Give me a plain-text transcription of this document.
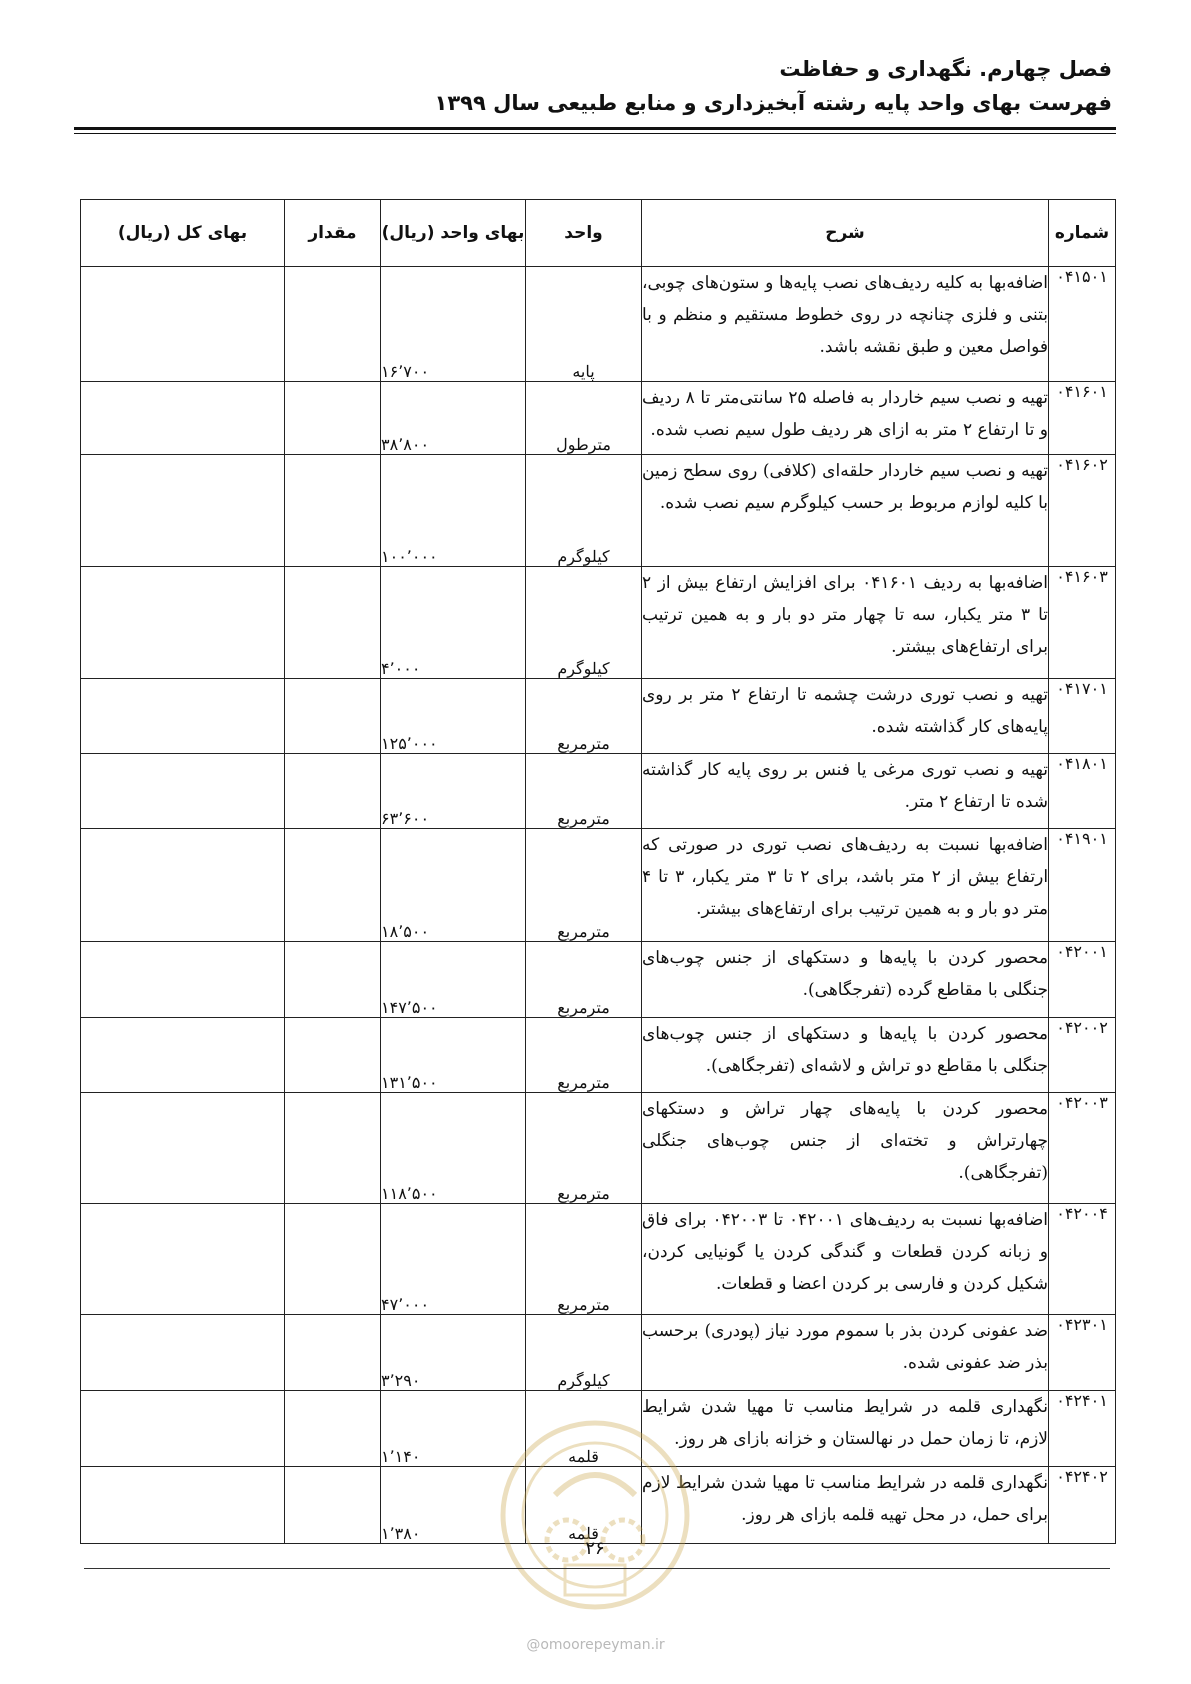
فصل چهارم. نگهداری و حفاظت
فهرست بهای واحد پایه رشته آبخیزداری و منابع طبیعی سال ۱۳۹۹
شماره	شرح	واحد	بهای واحد (ریال)	مقدار	بهای کل (ریال)
۰۴۱۵۰۱	اضافه‌بها به کلیه ردیف‌های نصب پایه‌ها و ستون‌های چوبی، بتنی و فلزی چنانچه در روی خطوط مستقیم و منظم و با فواصل معین و طبق نقشه باشد.	پایه	۱۶٬۷۰۰		
۰۴۱۶۰۱	تهیه و نصب سیم خاردار به فاصله ۲۵ سانتی‌متر تا ۸ ردیف و تا ارتفاع ۲ متر به ازای هر ردیف طول سیم نصب شده.	مترطول	۳۸٬۸۰۰		
۰۴۱۶۰۲	تهیه و نصب سیم خاردار حلقه‌ای (کلافی) روی سطح زمین با کلیه لوازم مربوط بر حسب کیلوگرم سیم نصب شده.	کیلوگرم	۱۰۰٬۰۰۰		
۰۴۱۶۰۳	اضافه‌بها به ردیف ۰۴۱۶۰۱ برای افزایش ارتفاع بیش از ۲ تا ۳ متر یکبار، سه تا چهار متر دو بار و به همین ترتیب برای ارتفاع‌های بیشتر.	کیلوگرم	۴٬۰۰۰		
۰۴۱۷۰۱	تهیه و نصب توری درشت چشمه تا ارتفاع ۲ متر بر روی پایه‌های کار گذاشته شده.	مترمربع	۱۲۵٬۰۰۰		
۰۴۱۸۰۱	تهیه و نصب توری مرغی یا فنس بر روی پایه کار گذاشته شده تا ارتفاع ۲ متر.	مترمربع	۶۳٬۶۰۰		
۰۴۱۹۰۱	اضافه‌بها نسبت به ردیف‌های نصب توری در صورتی که ارتفاع بیش از ۲ متر باشد، برای ۲ تا ۳ متر یکبار، ۳ تا ۴ متر دو بار و به همین ترتیب برای ارتفاع‌های بیشتر.	مترمربع	۱۸٬۵۰۰		
۰۴۲۰۰۱	محصور کردن با پایه‌ها و دستکهای از جنس چوب‌های جنگلی با مقاطع گرده (تفرجگاهی).	مترمربع	۱۴۷٬۵۰۰		
۰۴۲۰۰۲	محصور کردن با پایه‌ها و دستکهای از جنس چوب‌های جنگلی با مقاطع دو تراش و لاشه‌ای (تفرجگاهی).	مترمربع	۱۳۱٬۵۰۰		
۰۴۲۰۰۳	محصور کردن با پایه‌های چهار تراش و دستکهای چهارتراش و تخته‌ای از جنس چوب‌های جنگلی (تفرجگاهی).	مترمربع	۱۱۸٬۵۰۰		
۰۴۲۰۰۴	اضافه‌بها نسبت به ردیف‌های ۰۴۲۰۰۱ تا ۰۴۲۰۰۳ برای فاق و زبانه کردن قطعات و گندگی کردن یا گونیایی کردن، شکیل کردن و فارسی بر کردن اعضا و قطعات.	مترمربع	۴۷٬۰۰۰		
۰۴۲۳۰۱	ضد عفونی کردن بذر با سموم مورد نیاز (پودری) برحسب بذر ضد عفونی شده.	کیلوگرم	۳٬۲۹۰		
۰۴۲۴۰۱	نگهداری قلمه در شرایط مناسب تا مهیا شدن شرایط لازم، تا زمان حمل در نهالستان و خزانه بازای هر روز.	قلمه	۱٬۱۴۰		
۰۴۲۴۰۲	نگهداری قلمه در شرایط مناسب تا مهیا شدن شرایط لازم برای حمل، در محل تهیه قلمه بازای هر روز.	قلمه	۱٬۳۸۰		
۲۶
@omoorepeyman.ir
